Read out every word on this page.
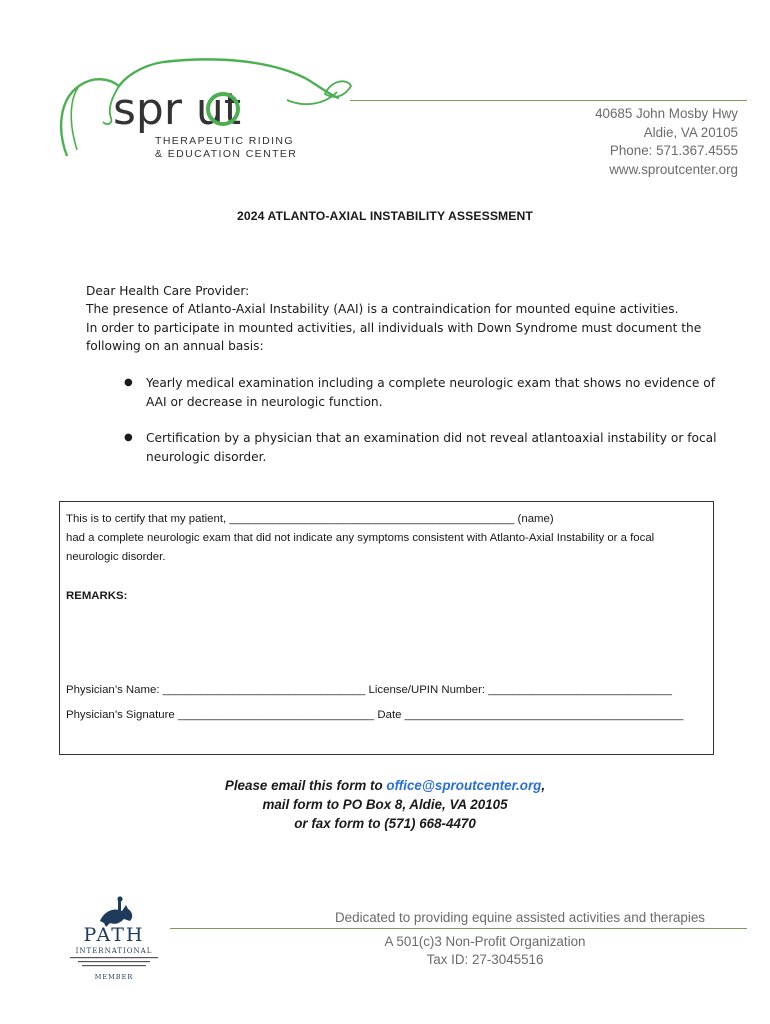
spr ut
THERAPEUTIC RIDING
& EDUCATION CENTER
40685 John Mosby Hwy
Aldie, VA 20105
Phone: 571.367.4555
www.sproutcenter.org
2024 ATLANTO-AXIAL INSTABILITY ASSESSMENT
Dear Health Care Provider:
The presence of Atlanto-Axial Instability (AAI) is a contraindication for mounted equine activities.
In order to participate in mounted activities, all individuals with Down Syndrome must document the following on an annual basis:
●	Yearly medical examination including a complete neurologic exam that shows no evidence of AAI or decrease in neurologic function.
●	Certification by a physician that an examination did not reveal atlantoaxial instability or focal neurologic disorder.
This is to certify that my patient, _____________________________________________ (name)
had a complete neurologic exam that did not indicate any symptoms consistent with Atlanto-Axial Instability or a focal
neurologic disorder.
REMARKS:
Physician’s Name: ________________________________ License/UPIN Number: _____________________________
Physician’s Signature _______________________________ Date ____________________________________________
Please email this form to office@sproutcenter.org,
mail form to PO Box 8, Aldie, VA 20105
or fax form to (571) 668-4470
PATH
INTERNATIONAL
MEMBER
Dedicated to providing equine assisted activities and therapies
A 501(c)3 Non-Profit Organization
Tax ID: 27-3045516
